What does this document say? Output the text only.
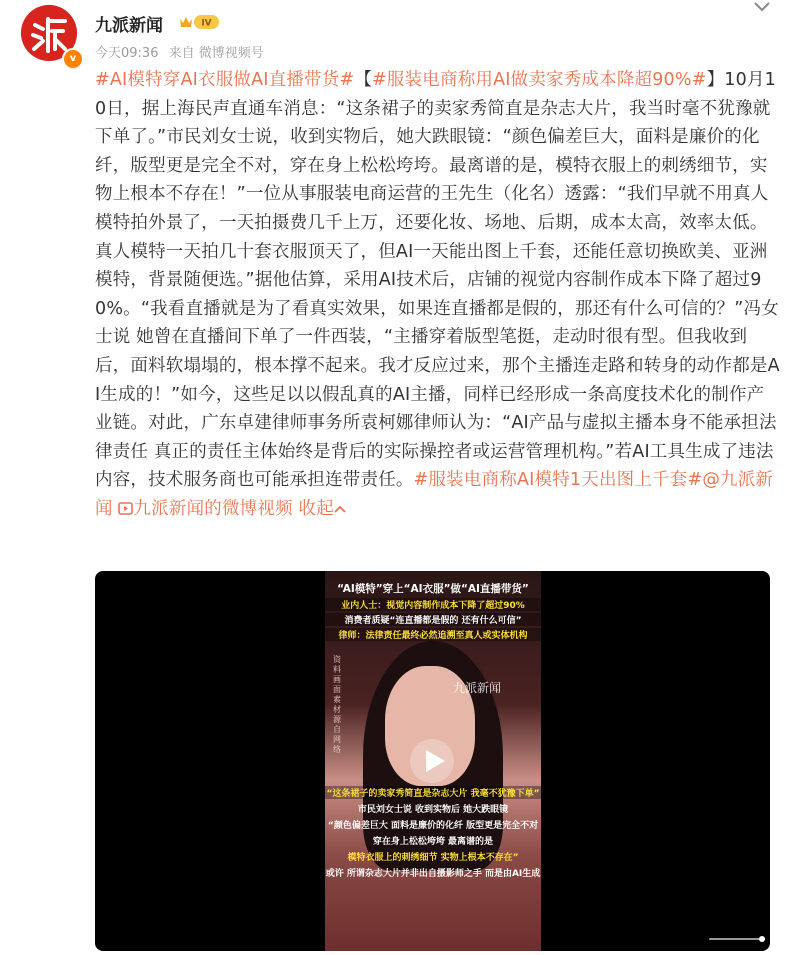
v
九派新闻	IV
今天09:36 来自 微博视频号
#AI模特穿AI衣服做AI直播带货#【#服装电商称用AI做卖家秀成本降超90%#】10月10日，据上海民声直通车消息：“这条裙子的卖家秀简直是杂志大片，我当时毫不犹豫就下单了。”市民刘女士说，收到实物后，她大跌眼镜：“颜色偏差巨大，面料是廉价的化纤，版型更是完全不对，穿在身上松松垮垮。最离谱的是，模特衣服上的刺绣细节，实物上根本不存在！”一位从事服装电商运营的王先生（化名）透露：“我们早就不用真人模特拍外景了，一天拍摄费几千上万，还要化妆、场地、后期，成本太高，效率太低。真人模特一天拍几十套衣服顶天了，但AI一天能出图上千套，还能任意切换欧美、亚洲模特，背景随便选。”据他估算，采用AI技术后，店铺的视觉内容制作成本下降了超过90%。“我看直播就是为了看真实效果，如果连直播都是假的，那还有什么可信的？”冯女士说 她曾在直播间下单了一件西装，“主播穿着版型笔挺，走动时很有型。但我收到后，面料软塌塌的，根本撑不起来。我才反应过来，那个主播连走路和转身的动作都是AI生成的！”如今，这些足以以假乱真的AI主播，同样已经形成一条高度技术化的制作产业链。对此，广东卓建律师事务所袁柯娜律师认为：“AI产品与虚拟主播本身不能承担法律责任 真正的责任主体始终是背后的实际操控者或运营管理机构。”若AI工具生成了违法内容，技术服务商也可能承担连带责任。#服装电商称AI模特1天出图上千套#@九派新闻 九派新闻的微博视频 收起
“AI模特”穿上“AI衣服”做“AI直播带货”
业内人士：视觉内容制作成本下降了超过90%
消费者质疑“连直播都是假的 还有什么可信”
律师：法律责任最终必然追溯至真人或实体机构
资料画面素材源自网络
九派新闻
“这条裙子的卖家秀简直是杂志大片 我毫不犹豫下单”
市民刘女士说 收到实物后 她大跌眼镜
“颜色偏差巨大 面料是廉价的化纤 版型更是完全不对
穿在身上松松垮垮 最离谱的是
模特衣服上的刺绣细节 实物上根本不存在”
或许 所谓杂志大片并非出自摄影师之手 而是由AI生成
